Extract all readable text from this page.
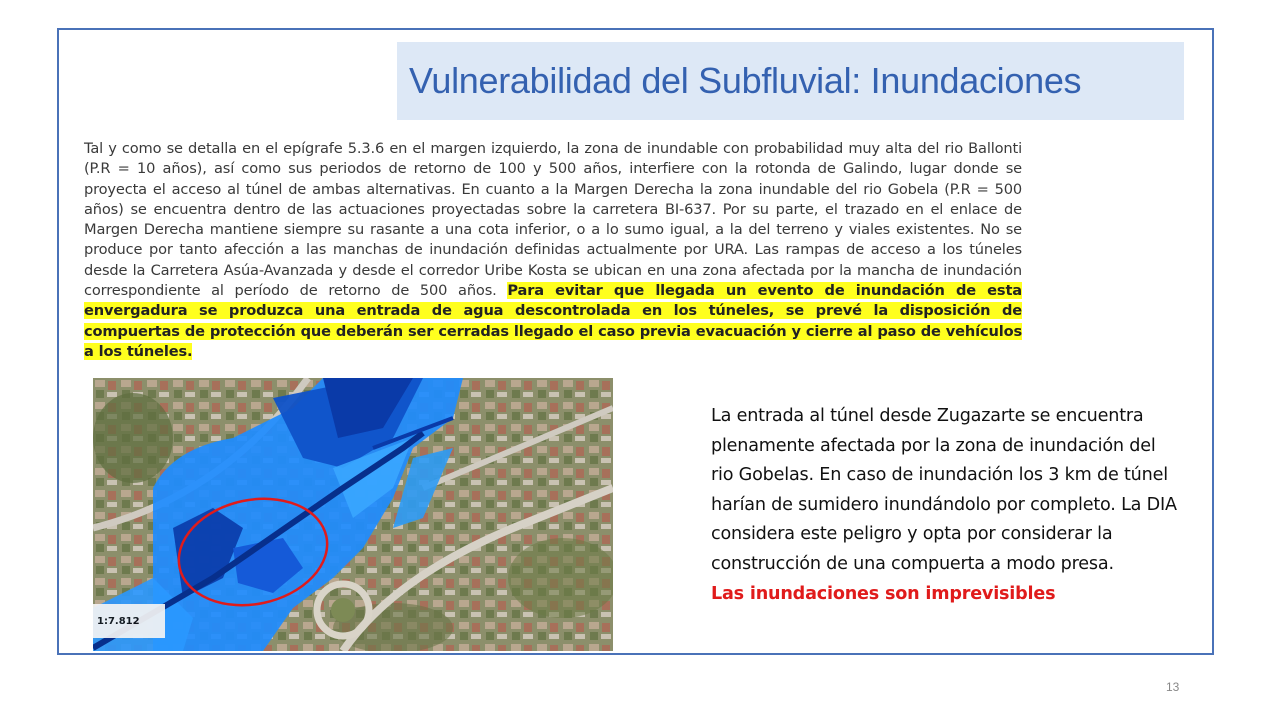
Vulnerabilidad del Subfluvial: Inundaciones

Tal y como se detalla en el epígrafe 5.3.6 en el margen izquierdo, la zona de inundable con probabilidad muy alta del rio Ballonti (P.R = 10 años), así como sus periodos de retorno de 100 y 500 años, interfiere con la rotonda de Galindo, lugar donde se proyecta el acceso al túnel de ambas alternativas. En cuanto a la Margen Derecha la zona inundable del rio Gobela (P.R = 500 años) se encuentra dentro de las actuaciones proyectadas sobre la carretera BI-637. Por su parte, el trazado en el enlace de Margen Derecha mantiene siempre su rasante a una cota inferior, o a lo sumo igual, a la del terreno y viales existentes. No se produce por tanto afección a las manchas de inundación definidas actualmente por URA. Las rampas de acceso a los túneles desde la Carretera Asúa-Avanzada y desde el corredor Uribe Kosta se ubican en una zona afectada por la mancha de inundación correspondiente al período de retorno de 500 años. Para evitar que llegada un evento de inundación de esta envergadura se produzca una entrada de agua descontrolada en los túneles, se prevé la disposición de compuertas de protección que deberán ser cerradas llegado el caso previa evacuación y cierre al paso de vehículos a los túneles.

1:7.812

La entrada al túnel desde Zugazarte se encuentra plenamente afectada por la zona de inundación del rio Gobelas. En caso de inundación los 3 km de túnel harían de sumidero inundándolo por completo. La DIA considera este peligro y opta por considerar la construcción de una compuerta a modo presa.
Las inundaciones son imprevisibles

13
